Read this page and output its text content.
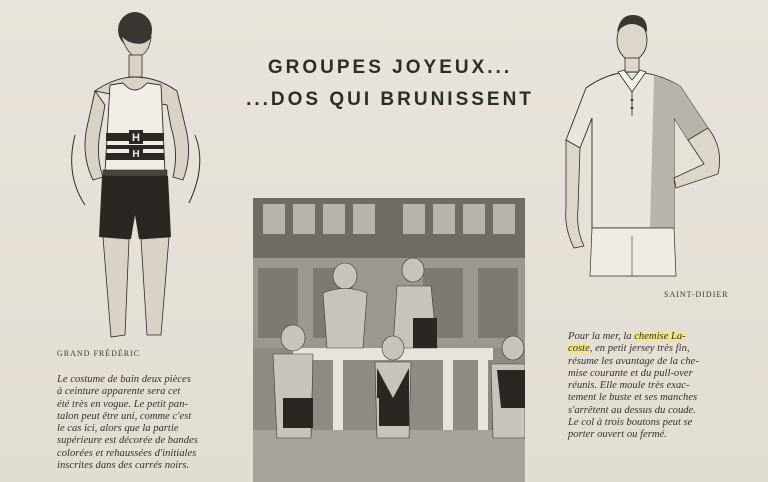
GROUPES JOYEUX...
...DOS QUI BRUNISSENT
H
H
GRAND FRÉDÉRIC
Le costume de bain deux pièces
à ceinture apparente sera cet
été très en vogue. Le petit pan-
talon peut être uni, comme c'est
le cas ici, alors que la partie
supérieure est décorée de bandes
colorées et rehaussées d'initiales
inscrites dans des carrés noirs.
SAINT-DIDIER
Pour la mer, la chemise La-
coste, en petit jersey très fin,
résume les avantage de la che-
mise courante et du pull-over
réunis. Elle moule très exac-
tement le buste et ses manches
s'arrêtent au dessus du coude.
Le col à trois boutons peut se
porter ouvert ou fermé.
